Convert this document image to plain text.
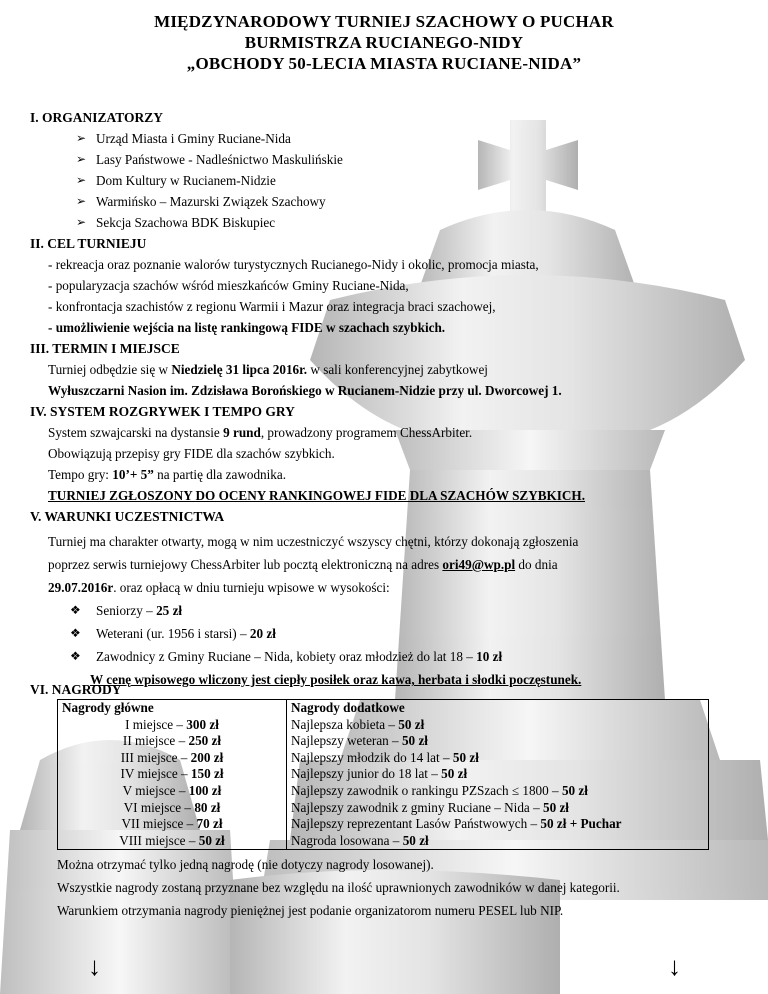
MIĘDZYNARODOWY TURNIEJ SZACHOWY O PUCHAR
BURMISTRZA RUCIANEGO-NIDY
„OBCHODY 50-LECIA MIASTA RUCIANE-NIDA”
I. ORGANIZATORZY
➢ Urząd Miasta i Gminy Ruciane-Nida
➢ Lasy Państwowe - Nadleśnictwo Maskulińskie
➢ Dom Kultury w Rucianem-Nidzie
➢ Warmińsko – Mazurski Związek Szachowy
➢ Sekcja Szachowa BDK Biskupiec
II. CEL TURNIEJU
- rekreacja oraz poznanie walorów turystycznych Rucianego-Nidy i okolic, promocja miasta,
- popularyzacja szachów wśród mieszkańców Gminy Ruciane-Nida,
- konfrontacja szachistów z regionu Warmii i Mazur oraz integracja braci szachowej,
- umożliwienie wejścia na listę rankingową FIDE w szachach szybkich.
III. TERMIN I MIEJSCE
Turniej odbędzie się w Niedzielę 31 lipca 2016r. w sali konferencyjnej zabytkowej
Wyłuszczarni Nasion im. Zdzisława Borońskiego w Rucianem-Nidzie przy ul. Dworcowej 1.
IV. SYSTEM ROZGRYWEK I TEMPO GRY
System szwajcarski na dystansie 9 rund, prowadzony programem ChessArbiter.
Obowiązują przepisy gry FIDE dla szachów szybkich.
Tempo gry: 10’+ 5” na partię dla zawodnika.
TURNIEJ ZGŁOSZONY DO OCENY RANKINGOWEJ FIDE DLA SZACHÓW SZYBKICH.
V. WARUNKI UCZESTNICTWA
Turniej ma charakter otwarty, mogą w nim uczestniczyć wszyscy chętni, którzy dokonają zgłoszenia
poprzez serwis turniejowy ChessArbiter lub pocztą elektroniczną na adres ori49@wp.pl do dnia
29.07.2016r. oraz opłacą w dniu turnieju wpisowe w wysokości:
❖ Seniorzy – 25 zł
❖ Weterani (ur. 1956 i starsi) – 20 zł
❖ Zawodnicy z Gminy Ruciane – Nida, kobiety oraz młodzież do lat 18 – 10 zł
W cenę wpisowego wliczony jest ciepły posiłek oraz kawa, herbata i słodki poczęstunek.
VI. NAGRODY
Nagrody główne	Nagrody dodatkowe
I miejsce – 300 zł	Najlepsza kobieta – 50 zł
II miejsce – 250 zł	Najlepszy weteran – 50 zł
III miejsce – 200 zł	Najlepszy młodzik do 14 lat – 50 zł
IV miejsce – 150 zł	Najlepszy junior do 18 lat – 50 zł
V miejsce – 100 zł	Najlepszy zawodnik o rankingu PZSzach ≤ 1800 – 50 zł
VI miejsce – 80 zł	Najlepszy zawodnik z gminy Ruciane – Nida – 50 zł
VII miejsce – 70 zł	Najlepszy reprezentant Lasów Państwowych – 50 zł + Puchar
VIII miejsce – 50 zł	Nagroda losowana – 50 zł
Można otrzymać tylko jedną nagrodę (nie dotyczy nagrody losowanej).
Wszystkie nagrody zostaną przyznane bez względu na ilość uprawnionych zawodników w danej kategorii.
Warunkiem otrzymania nagrody pieniężnej jest podanie organizatorom numeru PESEL lub NIP.
↓	↓
